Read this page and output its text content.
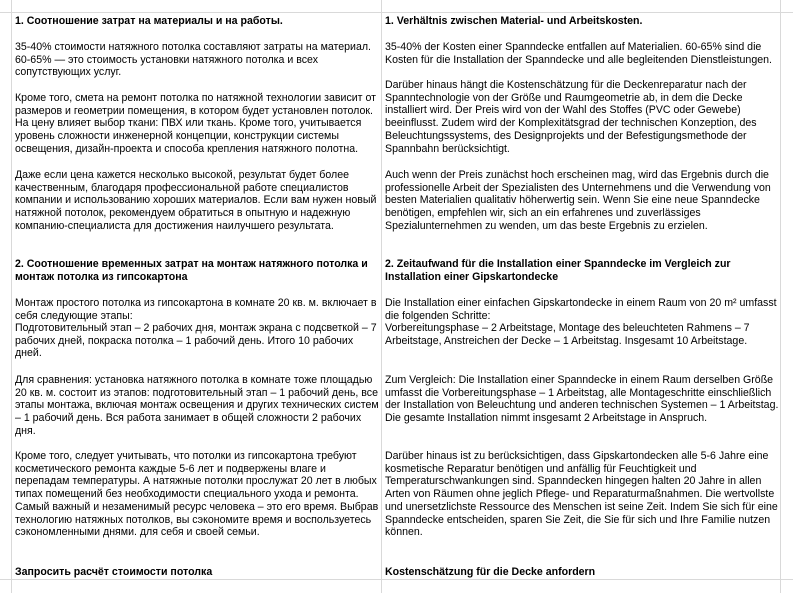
1. Соотношение затрат на материалы и на работы.

35-40% стоимости натяжного потолка составляют затраты на материал. 60-65% — это стоимость установки натяжного потолка и всех сопутствующих услуг.

Кроме того, смета на ремонт потолка по натяжной технологии зависит от размеров и геометрии помещения, в котором будет установлен потолок. На цену влияет выбор ткани: ПВХ или ткань. Кроме того, учитывается уровень сложности инженерной концепции, конструкции системы освещения, дизайн-проекта и способа крепления натяжного полотна.

Даже если цена кажется несколько высокой, результат будет более качественным, благодаря профессиональной работе специалистов компании и использованию хороших материалов. Если вам нужен новый натяжной потолок, рекомендуем обратиться в опытную и надежную компанию-специалиста для достижения наилучшего результата.

2. Соотношение временных затрат на монтаж натяжного потолка и монтаж потолка из гипсокартона

Монтаж простого потолка из гипсокартона в комнате 20 кв. м. включает в себя следующие этапы:

Подготовительный этап – 2 рабочих дня, монтаж экрана с подсветкой – 7 рабочих дней, покраска потолка – 1 рабочий день. Итого 10 рабочих дней.

Для сравнения: установка натяжного потолка в комнате тоже площадью 20 кв. м. состоит из этапов: подготовительный этап – 1 рабочий день, все этапы монтажа, включая монтаж освещения и других технических систем – 1 рабочий день. Вся работа занимает в общей сложности 2 рабочих дня.

Кроме того, следует учитывать, что потолки из гипсокартона требуют косметического ремонта каждые 5-6 лет и подвержены влаге и перепадам температуры. А натяжные потолки прослужат 20 лет в любых типах помещений без необходимости специального ухода и ремонта. Самый важный и незаменимый ресурс человека – это его время. Выбрав технологию натяжных потолков, вы сэкономите время и воспользуетесь сэкономленными днями. для себя и своей семьи.

Запросить расчёт стоимости потолка

1. Verhältnis zwischen Material- und Arbeitskosten.

35-40% der Kosten einer Spanndecke entfallen auf Materialien. 60-65% sind die Kosten für die Installation der Spanndecke und alle begleitenden Dienstleistungen.

Darüber hinaus hängt die Kostenschätzung für die Deckenreparatur nach der Spanntechnologie von der Größe und Raumgeometrie ab, in dem die Decke installiert wird. Der Preis wird von der Wahl des Stoffes (PVC oder Gewebe) beeinflusst. Zudem wird der Komplexitätsgrad der technischen Konzeption, des Beleuchtungssystems, des Designprojekts und der Befestigungsmethode der Spannbahn berücksichtigt.

Auch wenn der Preis zunächst hoch erscheinen mag, wird das Ergebnis durch die professionelle Arbeit der Spezialisten des Unternehmens und die Verwendung von besten Materialien qualitativ höherwertig sein. Wenn Sie eine neue Spanndecke benötigen, empfehlen wir, sich an ein erfahrenes und zuverlässiges Spezialunternehmen zu wenden, um das beste Ergebnis zu erzielen.

2. Zeitaufwand für die Installation einer Spanndecke im Vergleich zur Installation einer Gipskartondecke

Die Installation einer einfachen Gipskartondecke in einem Raum von 20 m² umfasst die folgenden Schritte:

Vorbereitungsphase – 2 Arbeitstage, Montage des beleuchteten Rahmens – 7 Arbeitstage, Anstreichen der Decke – 1 Arbeitstag. Insgesamt 10 Arbeitstage.

Zum Vergleich: Die Installation einer Spanndecke in einem Raum derselben Größe umfasst die Vorbereitungsphase – 1 Arbeitstag, alle Montageschritte einschließlich der Installation von Beleuchtung und anderen technischen Systemen – 1 Arbeitstag. Die gesamte Installation nimmt insgesamt 2 Arbeitstage in Anspruch.

Darüber hinaus ist zu berücksichtigen, dass Gipskartondecken alle 5-6 Jahre eine kosmetische Reparatur benötigen und anfällig für Feuchtigkeit und Temperaturschwankungen sind. Spanndecken hingegen halten 20 Jahre in allen Arten von Räumen ohne jeglich Pflege- und Reparaturmaßnahmen. Die wertvollste und unersetzlichste Ressource des Menschen ist seine Zeit. Indem Sie sich für eine Spanndecke entscheiden, sparen Sie Zeit, die Sie für sich und Ihre Familie nutzen können.

Kostenschätzung für die Decke anfordern
